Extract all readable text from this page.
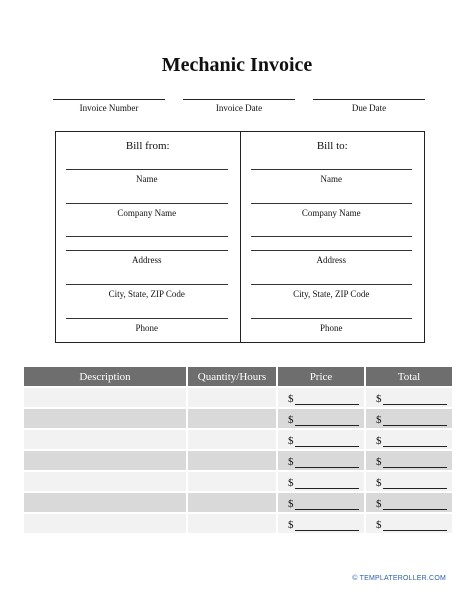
Mechanic Invoice
Invoice Number	Invoice Date	Due Date
Bill from:
Name
Company Name
Address
City, State, ZIP Code
Phone
Bill to:
Name
Company Name
Address
City, State, ZIP Code
Phone
Description	Quantity/Hours	Price	Total

		$	$

		$	$

		$	$

		$	$

		$	$

		$	$

		$	$
© TEMPLATEROLLER.COM
